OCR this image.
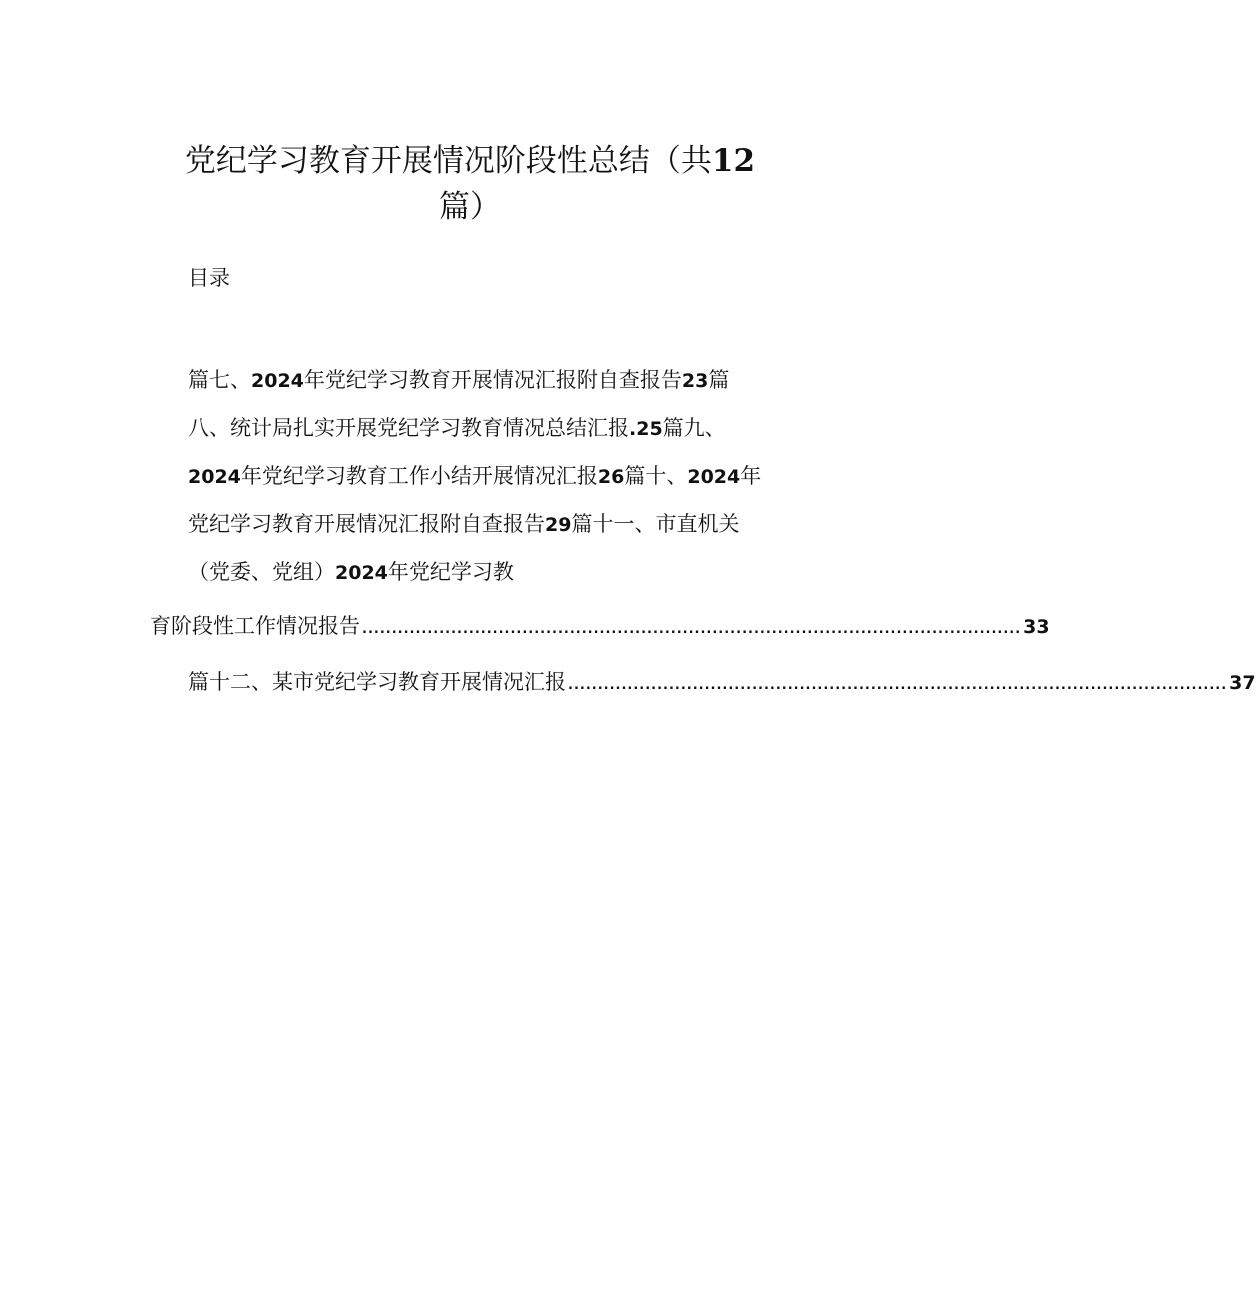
党纪学习教育开展情况阶段性总结（共12
篇）
目录
篇七、2024年党纪学习教育开展情况汇报附自查报告23篇
八、统计局扎实开展党纪学习教育情况总结汇报.25篇九、
2024年党纪学习教育工作小结开展情况汇报26篇十、2024年
党纪学习教育开展情况汇报附自查报告29篇十一、市直机关
（党委、党组）2024年党纪学习教
育阶段性工作情况报告 ............................................................................................................... 33
篇十二、某市党纪学习教育开展情况汇报 ............................................................................................................... 37
